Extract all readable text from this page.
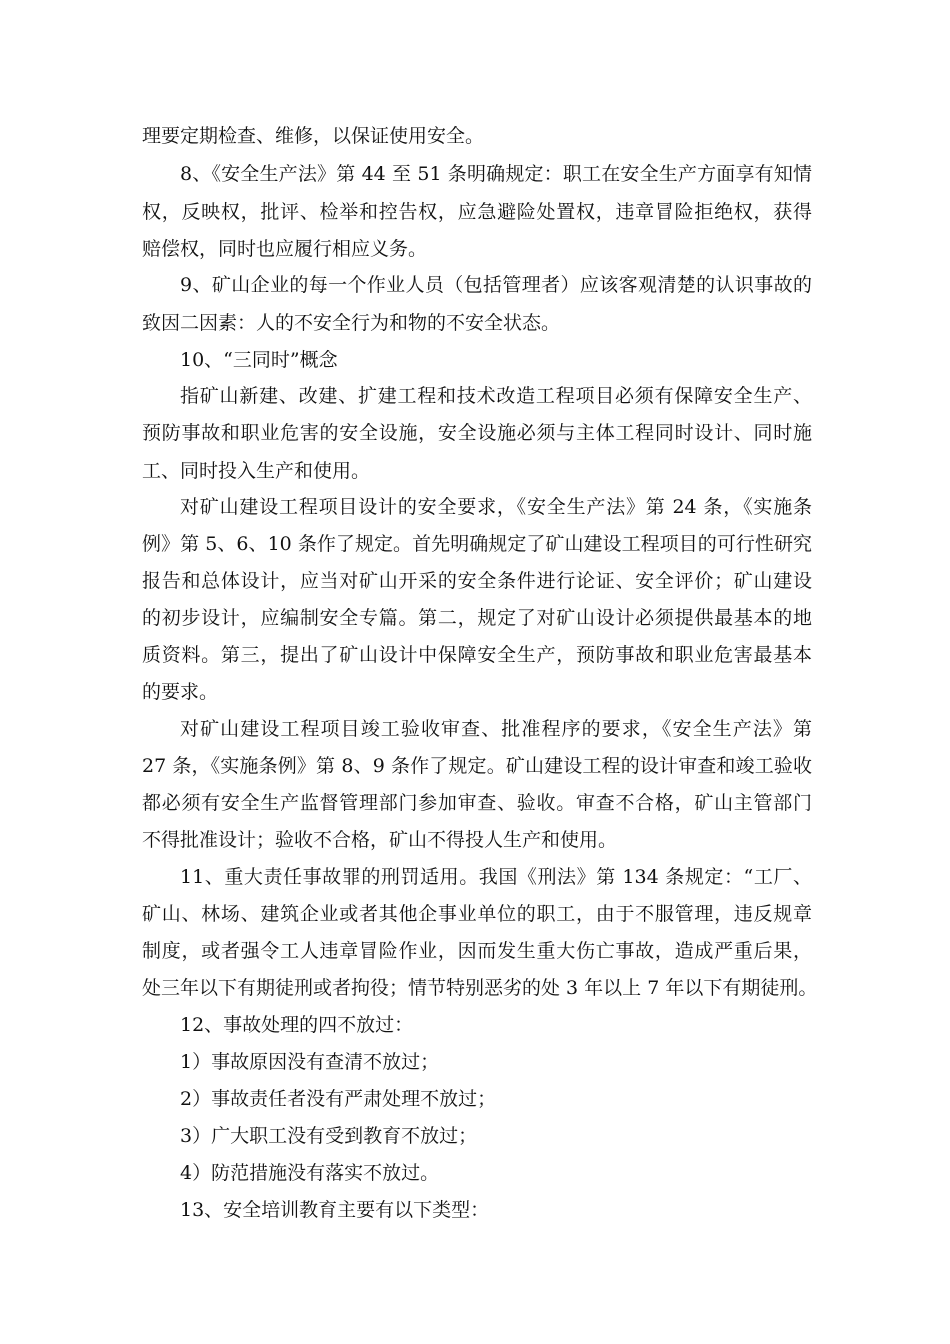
理要定期检查、维修，以保证使用安全。
8、《安全生产法》第 44 至 51 条明确规定：职工在安全生产方面享有知情
权，反映权，批评、检举和控告权，应急避险处置权，违章冒险拒绝权，获得
赔偿权，同时也应履行相应义务。
9、矿山企业的每一个作业人员（包括管理者）应该客观清楚的认识事故的
致因二因素：人的不安全行为和物的不安全状态。
10、“三同时”概念
指矿山新建、改建、扩建工程和技术改造工程项目必须有保障安全生产、
预防事故和职业危害的安全设施，安全设施必须与主体工程同时设计、同时施
工、同时投入生产和使用。
对矿山建设工程项目设计的安全要求，《安全生产法》第 24 条，《实施条
例》第 5、6、10 条作了规定。首先明确规定了矿山建设工程项目的可行性研究
报告和总体设计，应当对矿山开采的安全条件进行论证、安全评价；矿山建设
的初步设计，应编制安全专篇。第二，规定了对矿山设计必须提供最基本的地
质资料。第三，提出了矿山设计中保障安全生产，预防事故和职业危害最基本
的要求。
对矿山建设工程项目竣工验收审查、批准程序的要求，《安全生产法》第
27 条，《实施条例》第 8、9 条作了规定。矿山建设工程的设计审查和竣工验收
都必须有安全生产监督管理部门参加审查、验收。审查不合格，矿山主管部门
不得批准设计；验收不合格，矿山不得投人生产和使用。
11、重大责任事故罪的刑罚适用。我国《刑法》第 134 条规定：“工厂、
矿山、林场、建筑企业或者其他企事业单位的职工，由于不服管理，违反规章
制度，或者强令工人违章冒险作业，因而发生重大伤亡事故，造成严重后果，
处三年以下有期徒刑或者拘役；情节特别恶劣的处 3 年以上 7 年以下有期徒刑。
12、事故处理的四不放过：
1）事故原因没有查清不放过；
2）事故责任者没有严肃处理不放过；
3）广大职工没有受到教育不放过；
4）防范措施没有落实不放过。
13、安全培训教育主要有以下类型：
